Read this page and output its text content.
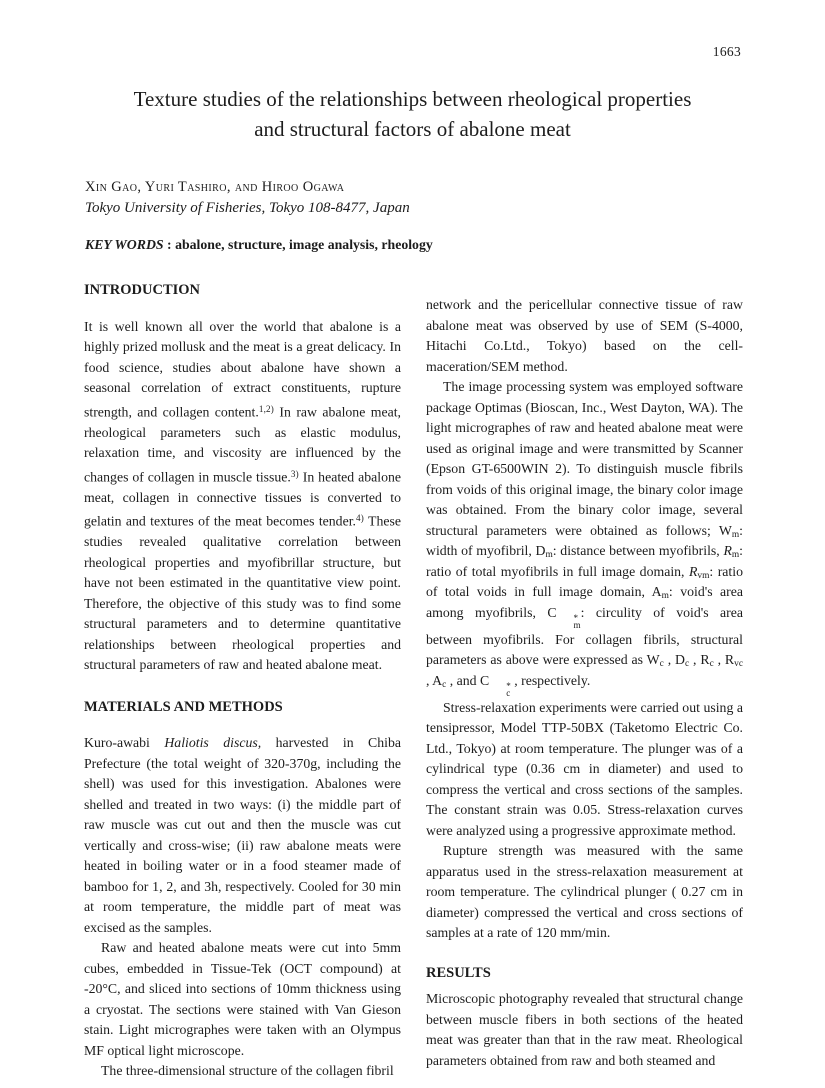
1663
Texture studies of the relationships between rheological properties
and structural factors of abalone meat
Xin Gao, Yuri Tashiro, and Hiroo Ogawa
Tokyo University of Fisheries, Tokyo 108-8477, Japan
KEY WORDS : abalone, structure, image analysis, rheology
INTRODUCTION

It is well known all over the world that abalone is a highly prized mollusk and the meat is a great delicacy. In food science, studies about abalone have shown a seasonal correlation of extract constituents, rupture strength, and collagen content.$^{1,2)}$ In raw abalone meat, rheological parameters such as elastic modulus, relaxation time, and viscosity are influenced by the changes of collagen in muscle tissue.$^{3)}$ In heated abalone meat, collagen in connective tissues is converted to gelatin and textures of the meat becomes tender.$^{4)}$ These studies revealed qualitative correlation between rheological properties and myofibrillar structure, but have not been estimated in the quantitative view point. Therefore, the objective of this study was to find some structural parameters and to determine quantitative relationships between rheological properties and structural parameters of raw and heated abalone meat.

MATERIALS AND METHODS

Kuro-awabi Haliotis discus, harvested in Chiba Prefecture (the total weight of 320-370g, including the shell) was used for this investigation. Abalones were shelled and treated in two ways: (i) the middle part of raw muscle was cut out and then the muscle was cut vertically and cross-wise; (ii) raw abalone meats were heated in boiling water or in a food steamer made of bamboo for 1, 2, and 3h, respectively. Cooled for 30 min at room temperature, the middle part of meat was excised as the samples.

Raw and heated abalone meats were cut into 5mm cubes, embedded in Tissue-Tek (OCT compound) at -20°C, and sliced into sections of 10mm thickness using a cryostat. The sections were stained with Van Gieson stain. Light micrographes were taken with an Olympus MF optical light microscope.

The three-dimensional structure of the collagen fibril

network and the pericellular connective tissue of raw abalone meat was observed by use of SEM (S-4000, Hitachi Co.Ltd., Tokyo) based on the cell-maceration/SEM method.

The image processing system was employed software package Optimas (Bioscan, Inc., West Dayton, WA). The light micrographes of raw and heated abalone meat were used as original image and were transmitted by Scanner (Epson GT-6500WIN 2). To distinguish muscle fibrils from voids of this original image, the binary color image was obtained. From the binary color image, several structural parameters were obtained as follows; $W_m$: width of myofibril, $D_m$: distance between myofibrils, $R_m$: ratio of total myofibrils in full image domain, $R_{vm}$: ratio of total voids in full image domain, $A_m$: void's area among myofibrils, C	*
m
: circulity of void's area between myofibrils. For collagen fibrils, structural parameters as above were expressed as $W_c$ , $D_c$ , $R_c$ , $R_{vc}$ , $A_c$ , and C	*
c
, respectively.

Stress-relaxation experiments were carried out using a tensipressor, Model TTP-50BX (Taketomo Electric Co. Ltd., Tokyo) at room temperature. The plunger was of a cylindrical type (0.36 cm in diameter) and used to compress the vertical and cross sections of the samples. The constant strain was 0.05. Stress-relaxation curves were analyzed using a progressive approximate method.

Rupture strength was measured with the same apparatus used in the stress-relaxation measurement at room temperature. The cylindrical plunger ( 0.27 cm in diameter) compressed the vertical and cross sections of samples at a rate of 120 mm/min.

RESULTS

Microscopic photography revealed that structural change between muscle fibers in both sections of the heated meat was greater than that in the raw meat. Rheological parameters obtained from raw and both steamed and
